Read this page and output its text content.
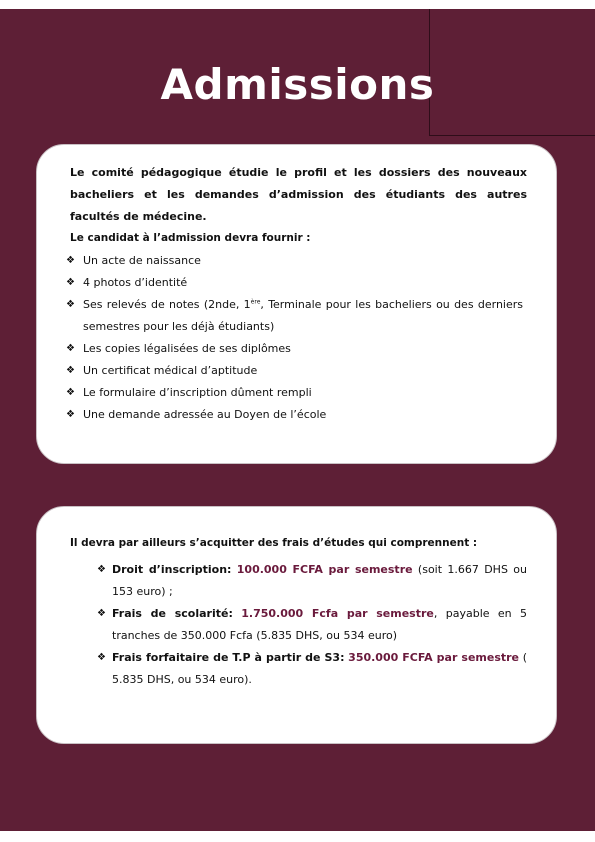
Admissions

Le comité pédagogique étudie le profil et les dossiers des nouveaux bacheliers et les demandes d’admission des étudiants des autres facultés de médecine.

Le candidat à l’admission devra fournir :

❖ Un acte de naissance
❖ 4 photos d’identité
❖ Ses relevés de notes (2nde, 1ère, Terminale pour les bacheliers ou des derniers semestres pour les déjà étudiants)
❖ Les copies légalisées de ses diplômes
❖ Un certificat médical d’aptitude
❖ Le formulaire d’inscription dûment rempli
❖ Une demande adressée au Doyen de l’école

Il devra par ailleurs s’acquitter des frais d’études qui comprennent :

❖ Droit d’inscription: 100.000 FCFA par semestre (soit 1.667 DHS ou 153 euro) ;
❖ Frais de scolarité: 1.750.000 Fcfa par semestre, payable en 5 tranches de 350.000 Fcfa (5.835 DHS, ou 534 euro)
❖ Frais forfaitaire de T.P à partir de S3: 350.000 FCFA par semestre ( 5.835 DHS, ou 534 euro).
